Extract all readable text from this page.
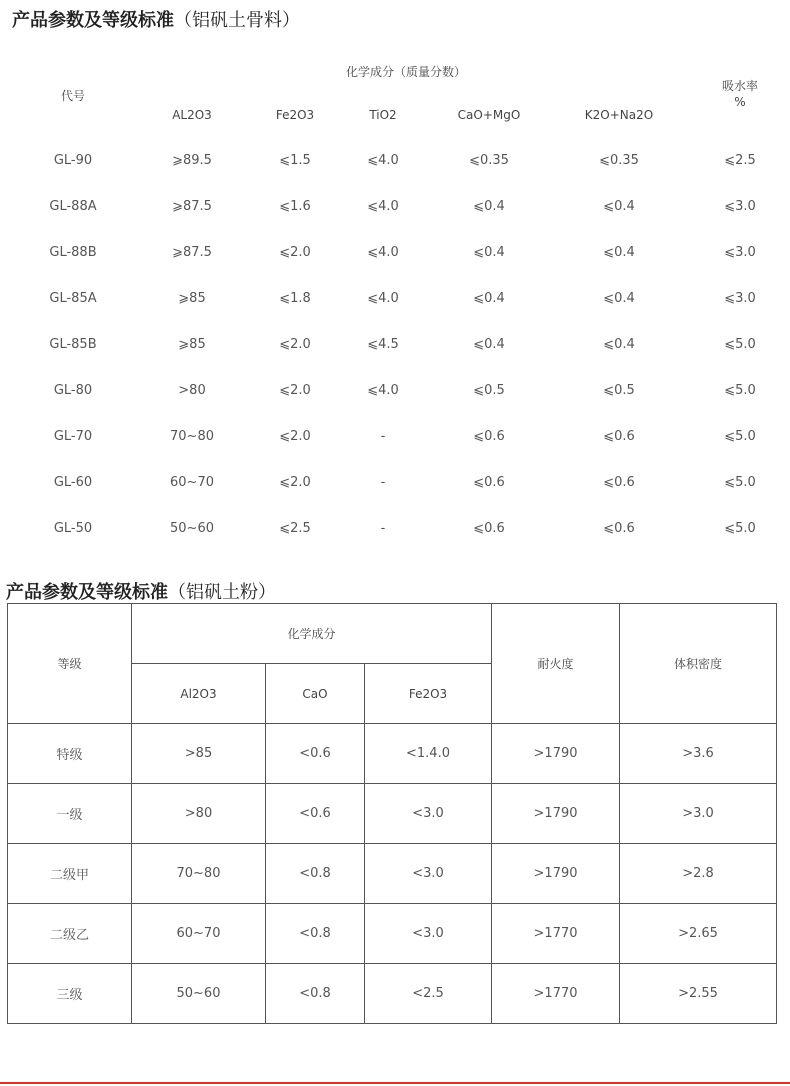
产品参数及等级标准（铝矾土骨料）
代号
化学成分（质量分数）
AL2O3	Fe2O3	TiO2	CaO+MgO	K2O+Na2O
吸水率
%
GL-90	⩾89.5	⩽1.5	⩽4.0	⩽0.35	⩽0.35	⩽2.5
GL-88A	⩾87.5	⩽1.6	⩽4.0	⩽0.4	⩽0.4	⩽3.0
GL-88B	⩾87.5	⩽2.0	⩽4.0	⩽0.4	⩽0.4	⩽3.0
GL-85A	⩾85	⩽1.8	⩽4.0	⩽0.4	⩽0.4	⩽3.0
GL-85B	⩾85	⩽2.0	⩽4.5	⩽0.4	⩽0.4	⩽5.0
GL-80	>80	⩽2.0	⩽4.0	⩽0.5	⩽0.5	⩽5.0
GL-70	70~80	⩽2.0	-	⩽0.6	⩽0.6	⩽5.0
GL-60	60~70	⩽2.0	-	⩽0.6	⩽0.6	⩽5.0
GL-50	50~60	⩽2.5	-	⩽0.6	⩽0.6	⩽5.0
产品参数及等级标准（铝矾土粉）
等级	化学成分			耐火度	体积密度
	Al2O3	CaO	Fe2O3		
特级	>85	<0.6	<1.4.0	>1790	>3.6
一级	>80	<0.6	<3.0	>1790	>3.0
二级甲	70~80	<0.8	<3.0	>1790	>2.8
二级乙	60~70	<0.8	<3.0	>1770	>2.65
三级	50~60	<0.8	<2.5	>1770	>2.55
